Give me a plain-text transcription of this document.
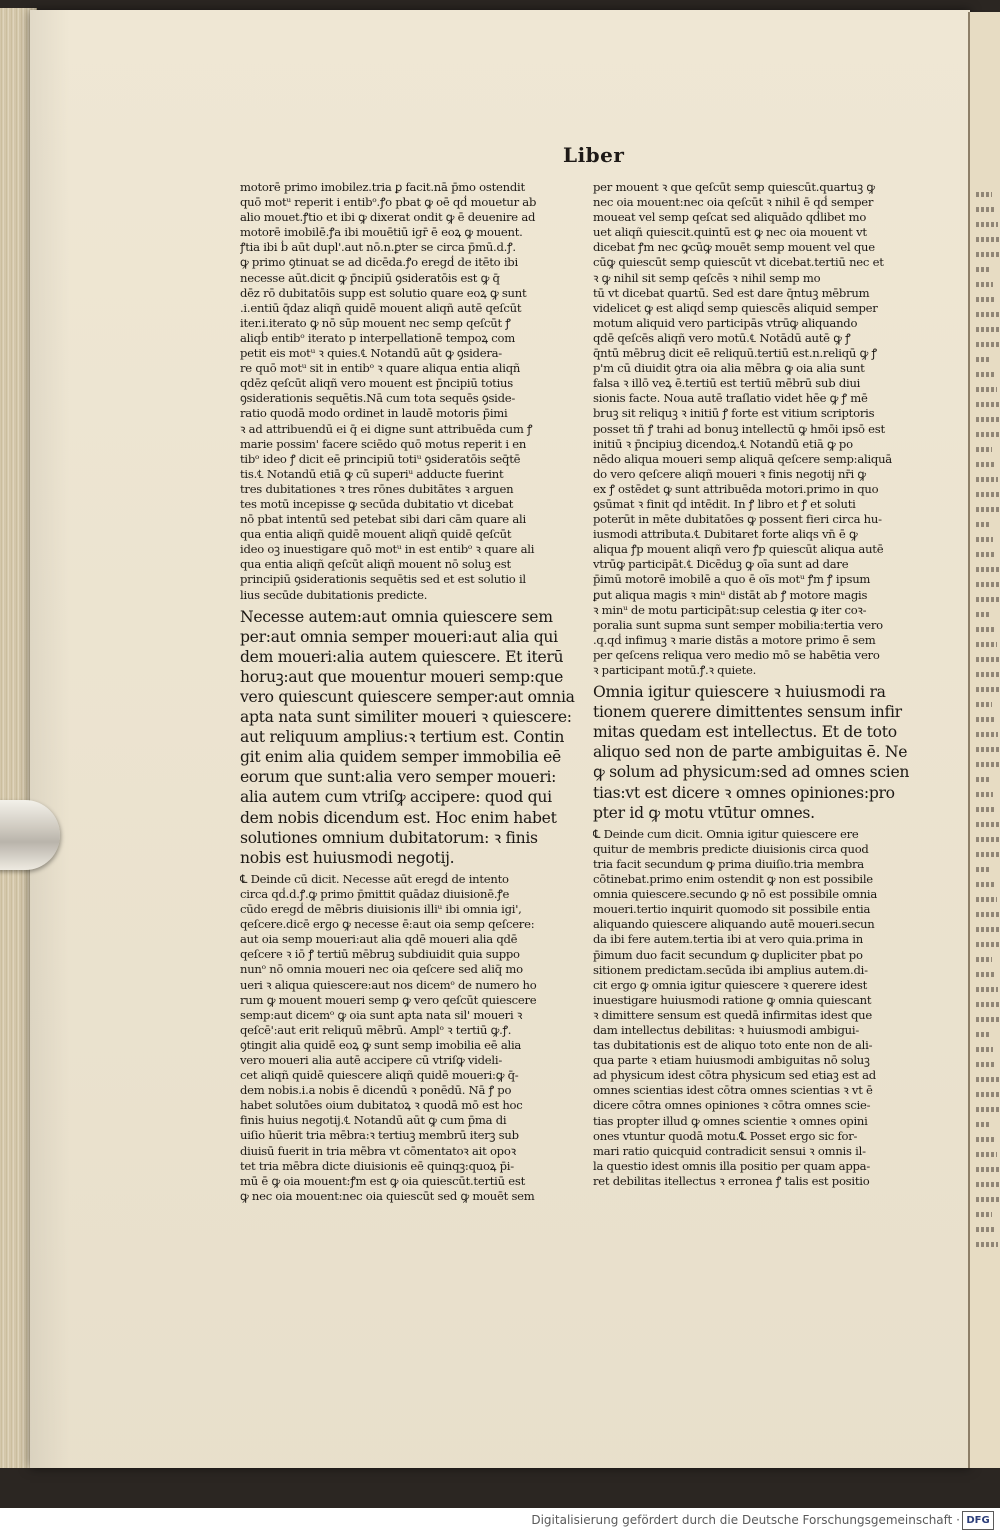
Liber
motorē primo imobilez.tria ꝑ facit.nā p̄mo ostendit
quō motᵘ reperit i entibᵒ.ꝭo pbat ꝙ oē qḋ mouetur ab
alio mouet.ꝭtio et ibi ꝙ dixerat ondit ꝙ ē deuenire ad
motorē imobilē.ꝭa ibi mouētiū igr̄ ē eoꝝ ꝙ mouent.
ꝭtia ibi ḃ aūt dupl'.aut nō.n.ꝑter se circa p̄mū.d.ꝭ.
ꝙ primo ꝯtinuat se ad dicēda.ꝭo eregḋ de itēto ibi
necesse aūt.dicit ꝙ p̄ncipiū ꝯsideratōis est ꝙ q̄
dēz rō dubitatōis supp est solutio quare eoꝝ ꝙ sunt
.i.entiū q̄daz aliqñ quidē mouent aliqñ autē qeſcūt
iter.i.iterato ꝙ nō sūp mouent nec semp qeſcūt ꝭ
aliqḃ entibᵒ iterato p interpellationē tempoꝝ com
petit eis motᵘ ꝛ quies.℄ Notandū aūt ꝙ ꝯsidera-
re quō motᵘ sit in entibᵒ ꝛ quare aliqua entia aliqñ
qdēz qeſcūt aliqñ vero mouent est p̄ncipiū totius
ꝯsiderationis sequētis.Nā cum tota sequēs ꝯside-
ratio quodā modo ordinet in laudē motoris p̄imi
ꝛ ad attribuendū ei q̄ ei digne sunt attribuēda cum ꝭ
marie possim' facere sciēdo quō motus reperit i en
tibᵒ ideo ꝭ dicit eē principiū totiᵘ ꝯsideratōis seq̄tē
tis.℄ Notandū etiā ꝙ cū superiᵘ adducte fuerint
tres dubitationes ꝛ tres rōnes dubitātes ꝛ arguen
tes motū incepisse ꝙ secūda dubitatio vt dicebat
nō pbat intentū sed petebat sibi dari cām quare ali
qua entia aliqñ quidē mouent aliqñ quidē qeſcūt
ideo oꝫ inuestigare quō motᵘ in est entibᵒ ꝛ quare ali
qua entia aliqñ qeſcūt aliqñ mouent nō soluꝫ est
principiū ꝯsiderationis sequētis sed et est solutio il
lius secūde dubitationis predicte.
Necesse autem:aut omnia quiescere sem
per:aut omnia semper moueri:aut alia qui
dem moueri:alia autem quiescere. Et iterū
horuꝫ:aut que mouentur moueri semp:que
vero quiescunt quiescere semper:aut omnia
apta nata sunt similiter moueri ꝛ quiescere:
aut reliquum amplius:ꝛ tertium est. Contin
git enim alia quidem semper immobilia eē
eorum que sunt:alia vero semper moueri:
alia autem cum vtriſꝙ accipere: quod qui
dem nobis dicendum est. Hoc enim habet
solutiones omnium dubitatorum: ꝛ finis
nobis est huiusmodi negotij.
℄ Deinde cū dicit. Necesse aūt eregḋ de intento
circa qḋ.d.ꝭ.ꝙ primo p̄mittit quādaz diuisionē.ꝭe
cūdo eregḋ de mēbris diuisionis illiᵘ ibi omnia igi',
qeſcere.dicē ergo ꝙ necesse ē:aut oia semp qeſcere:
aut oia semp moueri:aut alia qdē moueri alia qdē
qeſcere ꝛ iō ꝭ tertiū mēbruꝫ subdiuidit quia suppo
nunᵒ nō omnia moueri nec oia qeſcere sed aliq̄ mo
ueri ꝛ aliqua quiescere:aut nos dicemᵒ de numero ho
rum ꝙ mouent moueri semp ꝙ vero qeſcūt quiescere
semp:aut dicemᵒ ꝙ oia sunt apta nata sil' moueri ꝛ
qeſcē':aut erit reliquū mēbrū. Amplᵒ ꝛ tertiū ꝙ.ꝭ.
ꝯtingit alia quidē eoꝝ ꝙ sunt semp imobilia eē alia
vero moueri alia autē accipere cū vtriſꝙ videli-
cet aliqñ quidē quiescere aliqñ quidē moueri:ꝙ q̄-
dem nobis.i.a nobis ē dicendū ꝛ ponēdū. Nā ꝭ po
habet solutōes oium dubitatoꝝ ꝛ quodā mō est hoc
finis huius negotij.℄ Notandū aūt ꝙ cum p̄ma di
uiſio hūerit tria mēbra:ꝛ tertiuꝫ membrū iterꝫ sub
diuisū fuerit in tria mēbra vt cōmentatoꝛ ait opoꝛ
tet tria mēbra dicte diuisionis eē quinqꝫ:quoꝝ p̄i-
mū ē ꝙ oia mouent:ꝭm est ꝙ oia quiescūt.tertiū est
ꝙ nec oia mouent:nec oia quiescūt sed ꝙ mouēt sem
per mouent ꝛ que qeſcūt semp quiescūt.quartuꝫ ꝙ
nec oia mouent:nec oia qeſcūt ꝛ nihil ē qḋ semper
moueat vel semp qeſcat sed aliquādo qḋlibet mo
uet aliqñ quiescit.quintū est ꝙ nec oia mouent vt
dicebat ꝭm nec ꝙcūꝙ mouēt semp mouent vel que
cūꝙ quiescūt semp quiescūt vt dicebat.tertiū nec et
ꝛ ꝙ nihil sit semp qeſcēs ꝛ nihil semp mo
tū vt dicebat quartū. Sed est dare q̄ntuꝫ mēbrum
videlicet ꝙ est aliqḋ semp quiescēs aliquid semper
motum aliquid vero participās vtrūꝙ aliquando
qdē qeſcēs aliqñ vero motū.℄ Notādū autē ꝙ ꝭ
q̄ntū mēbruꝫ dicit eē reliquū.tertiū est.n.reliqū ꝙ ꝭ
p'm cū diuidit ꝯtra oia alia mēbra ꝙ oia alia sunt
falsa ꝛ illō veꝝ ē.tertiū est tertiū mēbrū sub diui
sionis facte. Noua autē traſlatio videt hēe ꝙ ꝭ mē
bruꝫ sit reliquꝫ ꝛ initiū ꝭ forte est vitium scriptoris
posset tñ ꝭ trahi ad bonuꝫ intellectū ꝙ hmōi ipsō est
initiū ꝛ p̄ncipiuꝫ dicendoꝝ.℄ Notandū etiā ꝙ po
nēdo aliqua moueri semp aliquā qeſcere semp:aliquā
do vero qeſcere aliqñ moueri ꝛ finis negotij nr̄i ꝙ
ex ꝭ ostēdet ꝙ sunt attribuēda motori.primo in quo
ꝯsūmat ꝛ finit qḋ intēdit. In ꝭ libro et ꝭ et soluti
poterūt in mēte dubitatōes ꝙ possent fieri circa hu-
iusmodi attributa.℄ Dubitaret forte aliqs vn̄ ē ꝙ
aliqua ꝭp mouent aliqñ vero ꝭp quiescūt aliqua autē
vtrūꝙ participāt.℄ Dicēduꝫ ꝙ oīa sunt ad dare
p̄imū motorē imobilē a quo ē oīs motᵘ ꝭm ꝭ ipsum
ꝑut aliqua magis ꝛ minᵘ distāt ab ꝭ motore magis
ꝛ minᵘ de motu participāt:sup celestia ꝙ iter coꝛ-
poralia sunt supma sunt semper mobilia:tertia vero
.q.qḋ infimuꝫ ꝛ marie distās a motore primo ē sem
per qeſcens reliqua vero medio mō se habētia vero
ꝛ participant motū.ꝭ.ꝛ quiete.
Omnia igitur quiescere ꝛ huiusmodi ra
tionem querere dimittentes sensum infir
mitas quedam est intellectus. Et de toto
aliquo sed non de parte ambiguitas ē. Ne
ꝙ solum ad physicum:sed ad omnes scien
tias:vt est dicere ꝛ omnes opiniones:pro
pter id ꝙ motu vtūtur omnes.
℄ Deinde cum dicit. Omnia igitur quiescere ere
quitur de membris predicte diuisionis circa quod
tria facit secundum ꝙ prima diuiſio.tria membra
cōtinebat.primo enim ostendit ꝙ non est possibile
omnia quiescere.secundo ꝙ nō est possibile omnia
moueri.tertio inquirit quomodo sit possibile entia
aliquando quiescere aliquando autē moueri.secun
da ibi fere autem.tertia ibi at vero quia.prima in
p̄imum duo facit secundum ꝙ dupliciter pbat po
sitionem predictam.secūda ibi amplius autem.di-
cit ergo ꝙ omnia igitur quiescere ꝛ querere idest
inuestigare huiusmodi ratione ꝙ omnia quiescant
ꝛ dimittere sensum est quedā infirmitas idest que
dam intellectus debilitas: ꝛ huiusmodi ambigui-
tas dubitationis est de aliquo toto ente non de ali-
qua parte ꝛ etiam huiusmodi ambiguitas nō soluꝫ
ad physicum idest cōtra physicum sed etiaꝫ est ad
omnes scientias idest cōtra omnes scientias ꝛ vt ē
dicere cōtra omnes opiniones ꝛ cōtra omnes scie-
tias propter illud ꝙ omnes scientie ꝛ omnes opini
ones vtuntur quodā motu.℄ Posset ergo sic for-
mari ratio quicquid contradicit sensui ꝛ omnis il-
la questio idest omnis illa positio per quam appa-
ret debilitas itellectus ꝛ erronea ꝭ talis est positio
Digitalisierung gefördert durch die Deutsche Forschungsgemeinschaft · DFG
